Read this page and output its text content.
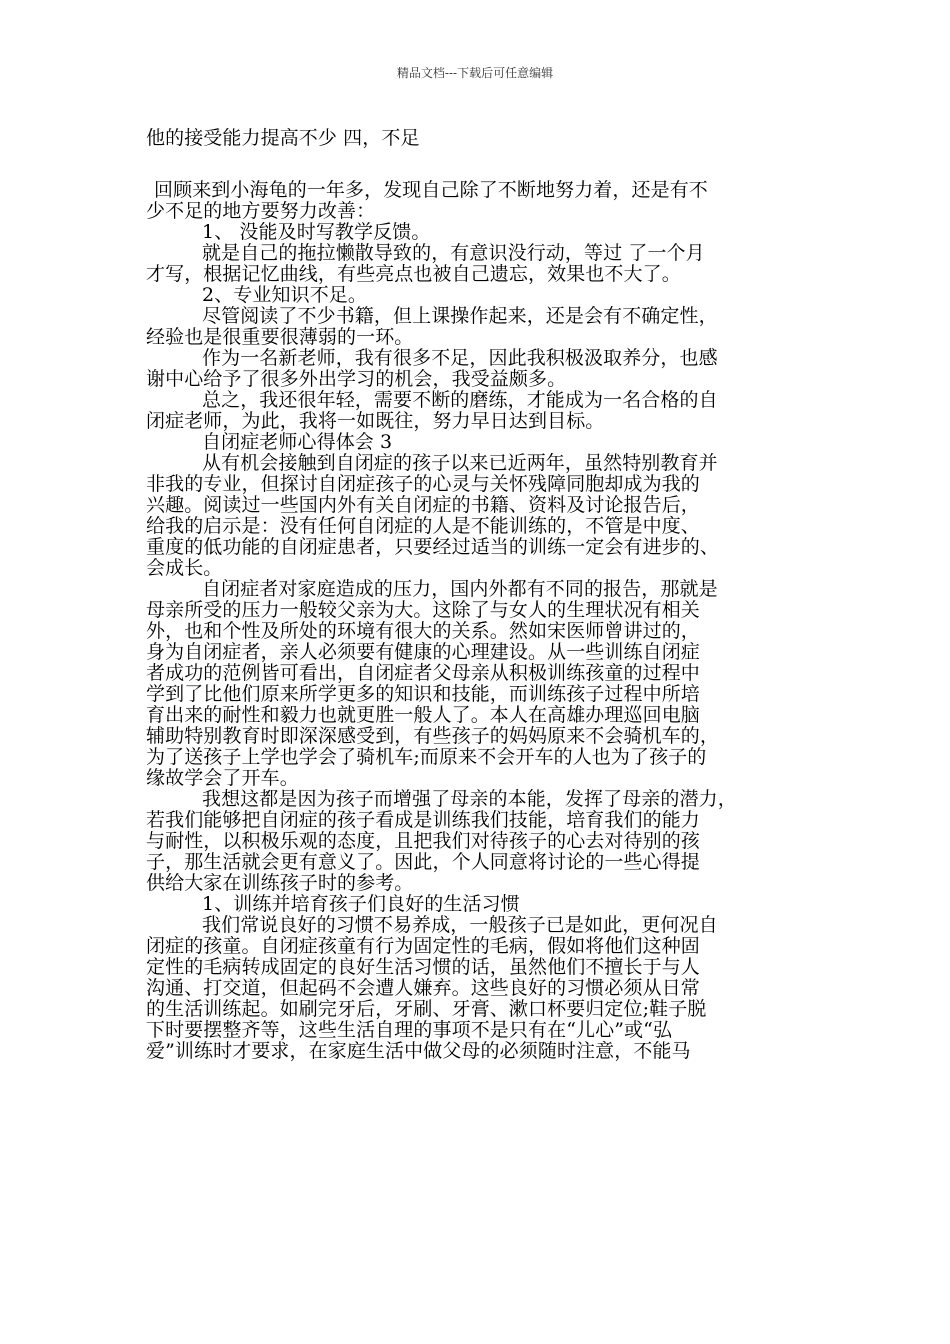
精品文档---下载后可任意编辑
他的接受能力提高不少 四，不足
回顾来到小海龟的一年多，发现自己除了不断地努力着，还是有不
少不足的地方要努力改善：
1、 没能及时写教学反馈。
就是自己的拖拉懒散导致的，有意识没行动，等过 了一个月
才写，根据记忆曲线，有些亮点也被自己遗忘，效果也不大了。
2、专业知识不足。
尽管阅读了不少书籍，但上课操作起来，还是会有不确定性，
经验也是很重要很薄弱的一环。
作为一名新老师，我有很多不足，因此我积极汲取养分，也感
谢中心给予了很多外出学习的机会，我受益颇多。
总之，我还很年轻，需要不断的磨练，才能成为一名合格的自
闭症老师，为此，我将一如既往，努力早日达到目标。
自闭症老师心得体会 3
从有机会接触到自闭症的孩子以来已近两年，虽然特别教育并
非我的专业，但探讨自闭症孩子的心灵与关怀残障同胞却成为我的
兴趣。阅读过一些国内外有关自闭症的书籍、资料及讨论报告后，
给我的启示是：没有任何自闭症的人是不能训练的，不管是中度、
重度的低功能的自闭症患者，只要经过适当的训练一定会有进步的、
会成长。
自闭症者对家庭造成的压力，国内外都有不同的报告，那就是
母亲所受的压力一般较父亲为大。这除了与女人的生理状况有相关
外，也和个性及所处的环境有很大的关系。然如宋医师曾讲过的，
身为自闭症者，亲人必须要有健康的心理建设。从一些训练自闭症
者成功的范例皆可看出，自闭症者父母亲从积极训练孩童的过程中
学到了比他们原来所学更多的知识和技能，而训练孩子过程中所培
育出来的耐性和毅力也就更胜一般人了。本人在高雄办理巡回电脑
辅助特别教育时即深深感受到，有些孩子的妈妈原来不会骑机车的，
为了送孩子上学也学会了骑机车;而原来不会开车的人也为了孩子的
缘故学会了开车。
我想这都是因为孩子而增强了母亲的本能，发挥了母亲的潜力，
若我们能够把自闭症的孩子看成是训练我们技能，培育我们的能力
与耐性，以积极乐观的态度，且把我们对待孩子的心去对待别的孩
子，那生活就会更有意义了。因此，个人同意将讨论的一些心得提
供给大家在训练孩子时的参考。
1、训练并培育孩子们良好的生活习惯
我们常说良好的习惯不易养成，一般孩子已是如此，更何况自
闭症的孩童。自闭症孩童有行为固定性的毛病，假如将他们这种固
定性的毛病转成固定的良好生活习惯的话，虽然他们不擅长于与人
沟通、打交道，但起码不会遭人嫌弃。这些良好的习惯必须从日常
的生活训练起。如刷完牙后，牙刷、牙膏、漱口杯要归定位;鞋子脱
下时要摆整齐等，这些生活自理的事项不是只有在“儿心”或“弘
爱”训练时才要求，在家庭生活中做父母的必须随时注意，不能马
